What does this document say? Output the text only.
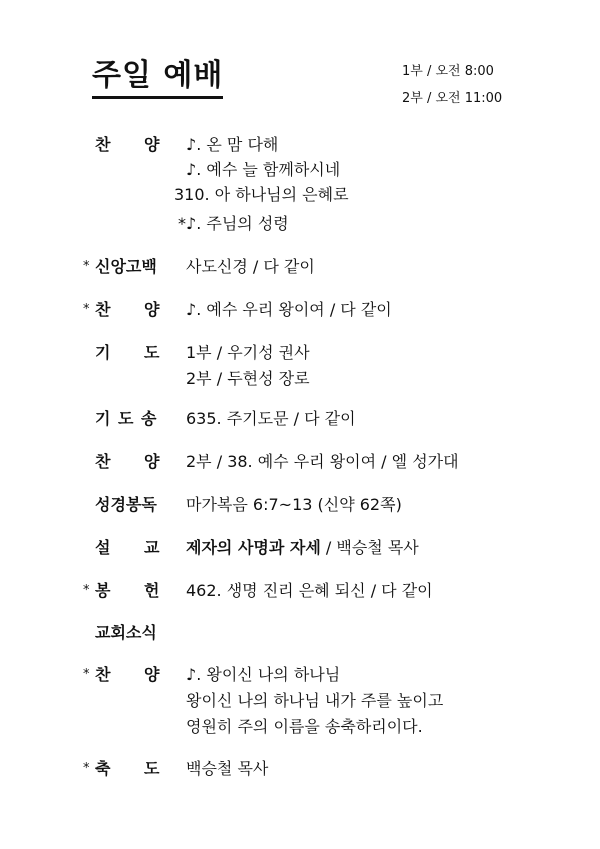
주일 예배	1부 / 오전 8:00
2부 / 오전 11:00
찬 양 ♪. 온 맘 다해
♪. 예수 늘 함께하시네
310. 아 하나님의 은혜로
*♪. 주님의 성령
* 신앙고백 사도신경 / 다 같이
* 찬 양 ♪. 예수 우리 왕이여 / 다 같이
기 도 1부 / 우기성 권사
2부 / 두현성 장로
기 도 송 635. 주기도문 / 다 같이
찬 양 2부 / 38. 예수 우리 왕이여 / 엘 성가대
성경봉독 마가복음 6:7~13 (신약 62쪽)
설 교 제자의 사명과 자세 / 백승철 목사
* 봉 헌 462. 생명 진리 은혜 되신 / 다 같이
교회소식
* 찬 양 ♪. 왕이신 나의 하나님
왕이신 나의 하나님 내가 주를 높이고
영원히 주의 이름을 송축하리이다.
* 축 도 백승철 목사
